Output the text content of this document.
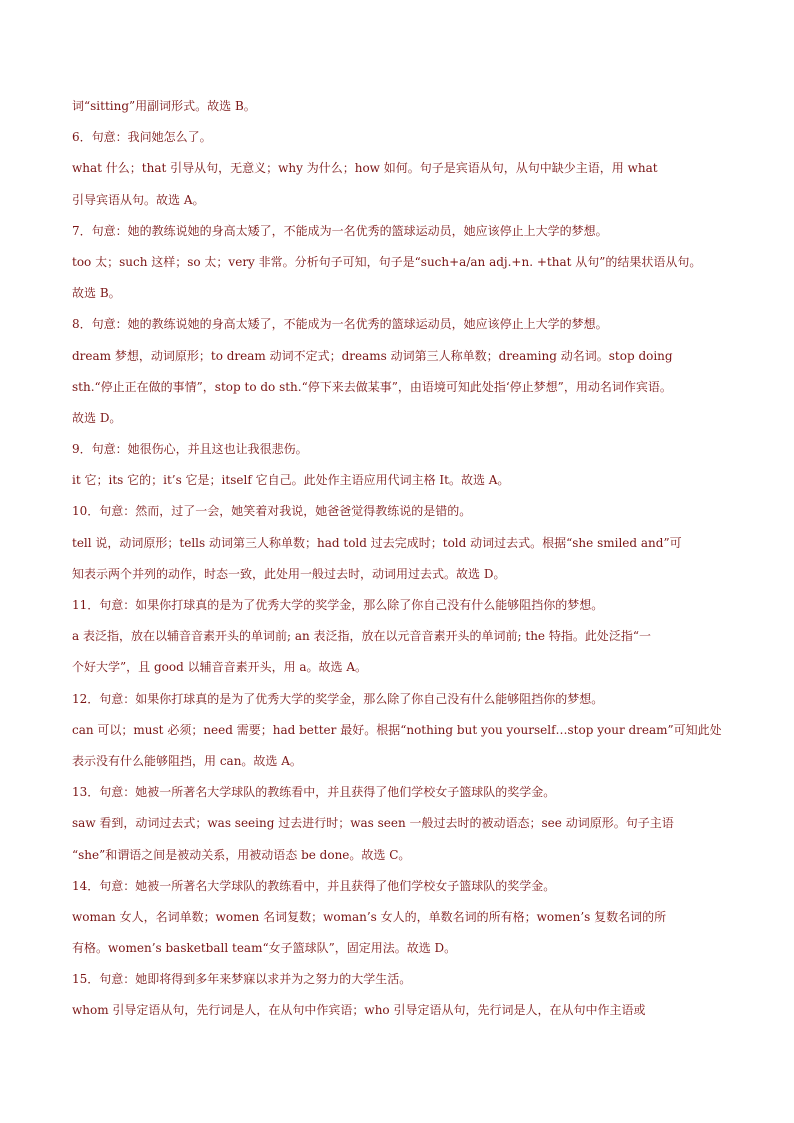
词“sitting”用副词形式。故选 B。
6．句意：我问她怎么了。
what 什么；that 引导从句，无意义；why 为什么；how 如何。句子是宾语从句，从句中缺少主语，用 what
引导宾语从句。故选 A。
7．句意：她的教练说她的身高太矮了，不能成为一名优秀的篮球运动员，她应该停止上大学的梦想。
too 太；such 这样；so 太；very 非常。分析句子可知，句子是“such+a/an adj.+n. +that 从句”的结果状语从句。
故选 B。
8．句意：她的教练说她的身高太矮了，不能成为一名优秀的篮球运动员，她应该停止上大学的梦想。
dream 梦想，动词原形；to dream 动词不定式；dreams 动词第三人称单数；dreaming 动名词。stop doing
sth.“停止正在做的事情”，stop to do sth.“停下来去做某事”，由语境可知此处指‘停止梦想”，用动名词作宾语。
故选 D。
9．句意：她很伤心，并且这也让我很悲伤。
it 它；its 它的；it’s 它是；itself 它自己。此处作主语应用代词主格 It。故选 A。
10．句意：然而，过了一会，她笑着对我说，她爸爸觉得教练说的是错的。
tell 说，动词原形；tells 动词第三人称单数；had told 过去完成时；told 动词过去式。根据“she smiled and”可
知表示两个并列的动作，时态一致，此处用一般过去时，动词用过去式。故选 D。
11．句意：如果你打球真的是为了优秀大学的奖学金，那么除了你自己没有什么能够阻挡你的梦想。
a 表泛指，放在以辅音音素开头的单词前; an 表泛指，放在以元音音素开头的单词前; the 特指。此处泛指“一
个好大学”，且 good 以辅音音素开头，用 a。故选 A。
12．句意：如果你打球真的是为了优秀大学的奖学金，那么除了你自己没有什么能够阻挡你的梦想。
can 可以；must 必须；need 需要；had better 最好。根据“nothing but you yourself…stop your dream”可知此处
表示没有什么能够阻挡，用 can。故选 A。
13．句意：她被一所著名大学球队的教练看中，并且获得了他们学校女子篮球队的奖学金。
saw 看到，动词过去式；was seeing 过去进行时；was seen 一般过去时的被动语态；see 动词原形。句子主语
“she”和谓语之间是被动关系，用被动语态 be done。故选 C。
14．句意：她被一所著名大学球队的教练看中，并且获得了他们学校女子篮球队的奖学金。
woman 女人，名词单数；women 名词复数；woman’s 女人的，单数名词的所有格；women’s 复数名词的所
有格。women’s basketball team“女子篮球队”，固定用法。故选 D。
15．句意：她即将得到多年来梦寐以求并为之努力的大学生活。
whom 引导定语从句，先行词是人，在从句中作宾语；who 引导定语从句，先行词是人，在从句中作主语或
